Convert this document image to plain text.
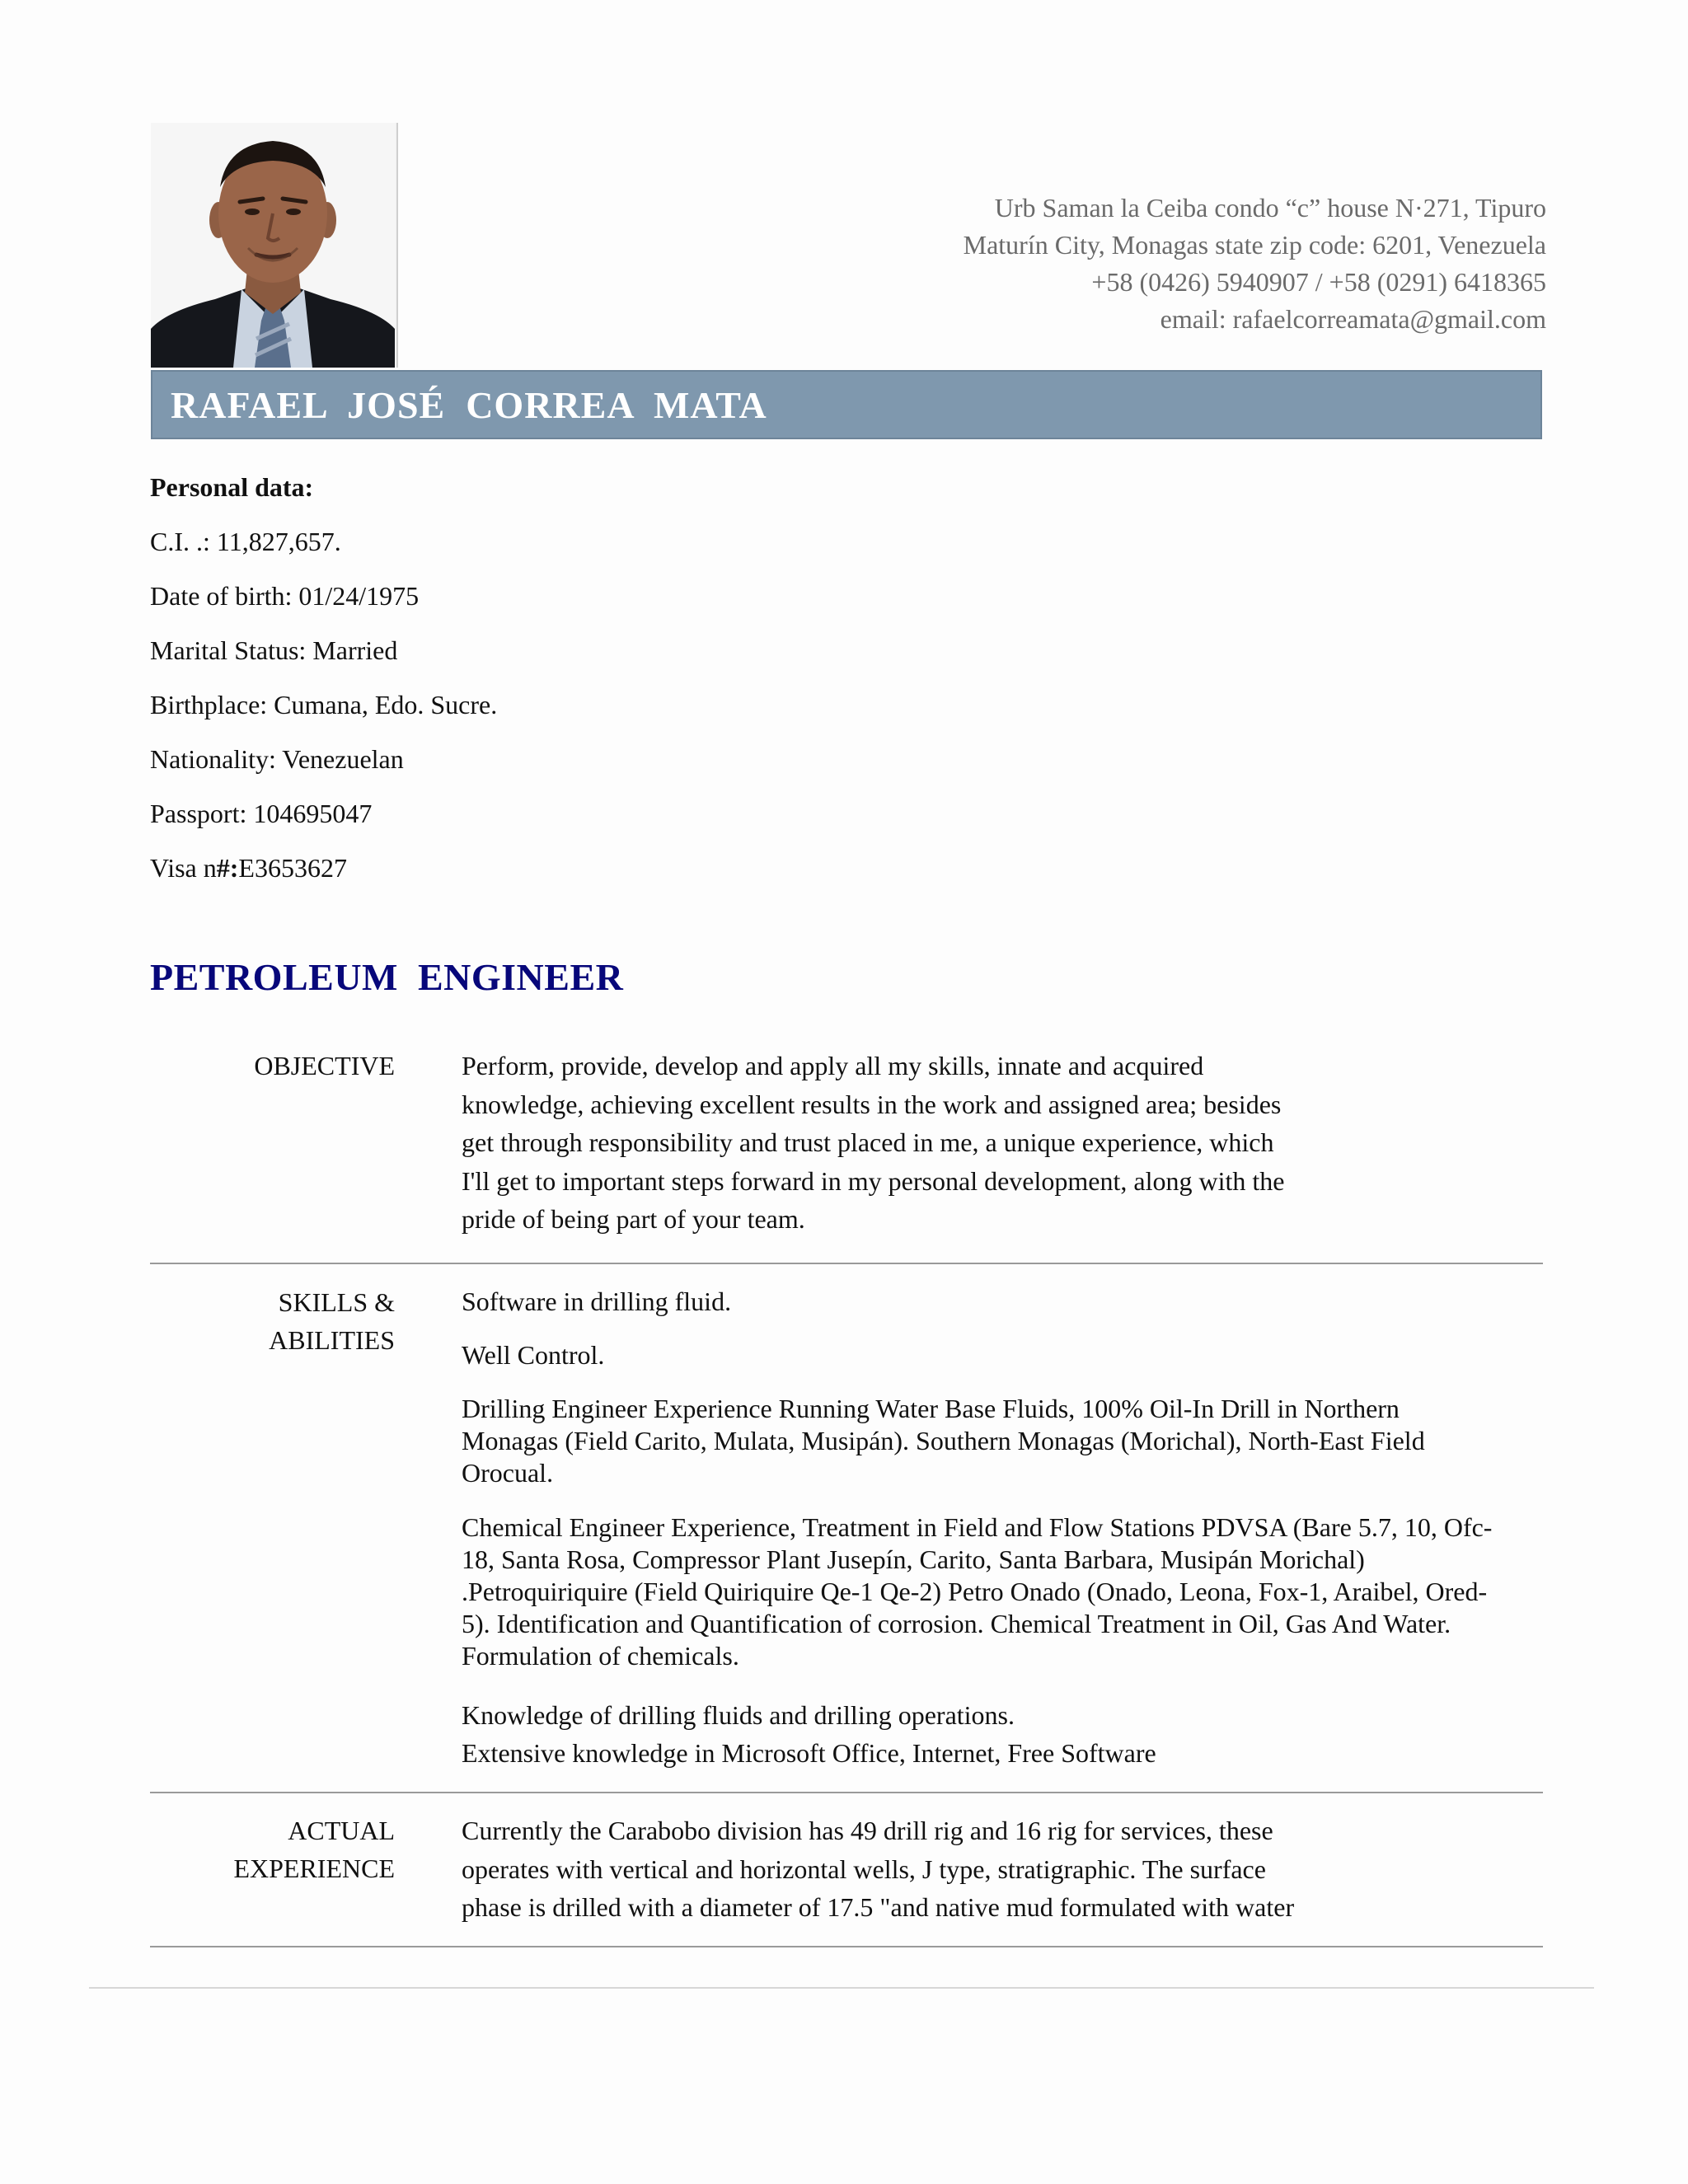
Urb Saman la Ceiba condo “c” house N·271, Tipuro
Maturín City, Monagas state zip code: 6201, Venezuela
+58 (0426) 5940907 / +58 (0291) 6418365
email: rafaelcorreamata@gmail.com
RAFAEL  JOSÉ  CORREA  MATA
Personal data:
C.I. .: 11,827,657.
Date of birth: 01/24/1975
Marital Status: Married
Birthplace: Cumana, Edo. Sucre.
Nationality: Venezuelan
Passport: 104695047
Visa n#:E3653627
PETROLEUM  ENGINEER
OBJECTIVE	Perform, provide, develop and apply all my skills, innate and acquired
knowledge, achieving excellent results in the work and assigned area; besides
get through responsibility and trust placed in me, a unique experience, which
I'll get to important steps forward in my personal development, along with the
pride of being part of your team.
SKILLS &
ABILITIES

Software in drilling fluid.

Well Control.

Drilling Engineer Experience Running Water Base Fluids, 100% Oil-In Drill in Northern

Monagas (Field Carito, Mulata, Musipán). Southern Monagas (Morichal), North-East Field

Orocual.

Chemical Engineer Experience, Treatment in Field and Flow Stations PDVSA (Bare 5.7, 10, Ofc-

18, Santa Rosa, Compressor Plant Jusepín, Carito, Santa Barbara, Musipán Morichal)

.Petroquiriquire (Field Quiriquire Qe-1 Qe-2) Petro Onado (Onado, Leona, Fox-1, Araibel, Ored-

5). Identification and Quantification of corrosion. Chemical Treatment in Oil, Gas And Water.

Formulation of chemicals.

Knowledge of drilling fluids and drilling operations.

Extensive knowledge in Microsoft Office, Internet, Free Software

ACTUAL
EXPERIENCE
Currently the Carabobo division has 49 drill rig and 16 rig for services, these
operates with vertical and horizontal wells, J type, stratigraphic. The surface
phase is drilled with a diameter of 17.5 "and native mud formulated with water
